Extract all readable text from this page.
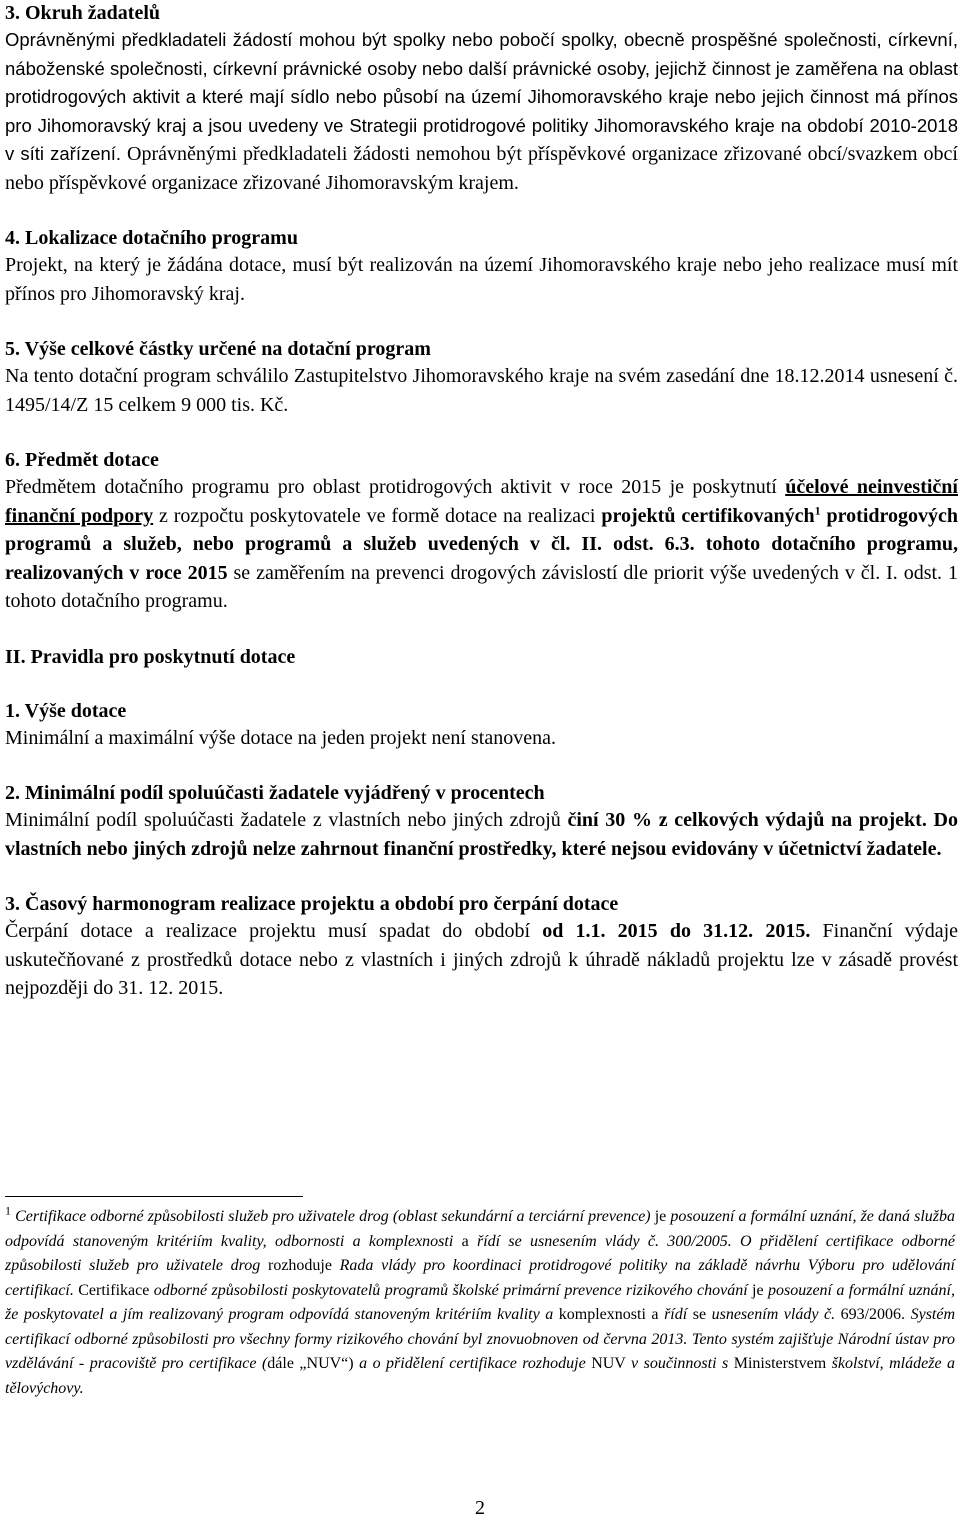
3. Okruh žadatelů

Oprávněnými předkladateli žádostí mohou být spolky nebo pobočí spolky, obecně prospěšné společnosti, církevní, náboženské společnosti, církevní právnické osoby nebo další právnické osoby, jejichž činnost je zaměřena na oblast protidrogových aktivit a které mají sídlo nebo působí na území Jihomoravského kraje nebo jejich činnost má přínos pro Jihomoravský kraj a jsou uvedeny ve Strategii protidrogové politiky Jihomoravského kraje na období 2010-2018 v síti zařízení. Oprávněnými předkladateli žádosti nemohou být příspěvkové organizace zřizované obcí/svazkem obcí nebo příspěvkové organizace zřizované Jihomoravským krajem.

4. Lokalizace dotačního programu

Projekt, na který je žádána dotace, musí být realizován na území Jihomoravského kraje nebo jeho realizace musí mít přínos pro Jihomoravský kraj.

5. Výše celkové částky určené na dotační program

Na tento dotační program schválilo Zastupitelstvo Jihomoravského kraje na svém zasedání dne 18.12.2014 usnesení č. 1495/14/Z 15 celkem 9 000 tis. Kč.

6. Předmět dotace

Předmětem dotačního programu pro oblast protidrogových aktivit v roce 2015 je poskytnutí účelové neinvestiční finanční podpory z rozpočtu poskytovatele ve formě dotace na realizaci projektů certifikovaných$^1$ protidrogových programů a služeb, nebo programů a služeb uvedených v čl. II. odst. 6.3. tohoto dotačního programu, realizovaných v roce 2015 se zaměřením na prevenci drogových závislostí dle priorit výše uvedených v čl. I. odst. 1 tohoto dotačního programu.

II. Pravidla pro poskytnutí dotace
1. Výše dotace

Minimální a maximální výše dotace na jeden projekt není stanovena.

2. Minimální podíl spoluúčasti žadatele vyjádřený v procentech

Minimální podíl spoluúčasti žadatele z vlastních nebo jiných zdrojů činí 30 % z celkových výdajů na projekt. Do vlastních nebo jiných zdrojů nelze zahrnout finanční prostředky, které nejsou evidovány v účetnictví žadatele.

3. Časový harmonogram realizace projektu a období pro čerpání dotace

Čerpání dotace a realizace projektu musí spadat do období od 1.1. 2015 do 31.12. 2015. Finanční výdaje uskutečňované z prostředků dotace nebo z vlastních i jiných zdrojů k úhradě nákladů projektu lze v zásadě provést nejpozději do 31. 12. 2015.

$^1$ Certifikace odborné způsobilosti služeb pro uživatele drog (oblast sekundární a terciární prevence) je posouzení a formální uznání, že daná služba odpovídá stanoveným kritériím kvality, odbornosti a komplexnosti a řídí se usnesením vlády č. 300/2005. O přidělení certifikace odborné způsobilosti služeb pro uživatele drog rozhoduje Rada vlády pro koordinaci protidrogové politiky na základě návrhu Výboru pro udělování certifikací. Certifikace odborné způsobilosti poskytovatelů programů školské primární prevence rizikového chování je posouzení a formální uznání, že poskytovatel a jím realizovaný program odpovídá stanoveným kritériím kvality a komplexnosti a řídí se usnesením vlády č. 693/2006. Systém certifikací odborné způsobilosti pro všechny formy rizikového chování byl znovuobnoven od června 2013. Tento systém zajišťuje Národní ústav pro vzdělávání - pracoviště pro certifikace (dále „NUV“) a o přidělení certifikace rozhoduje NUV v součinnosti s Ministerstvem školství, mládeže a tělovýchovy.

2
